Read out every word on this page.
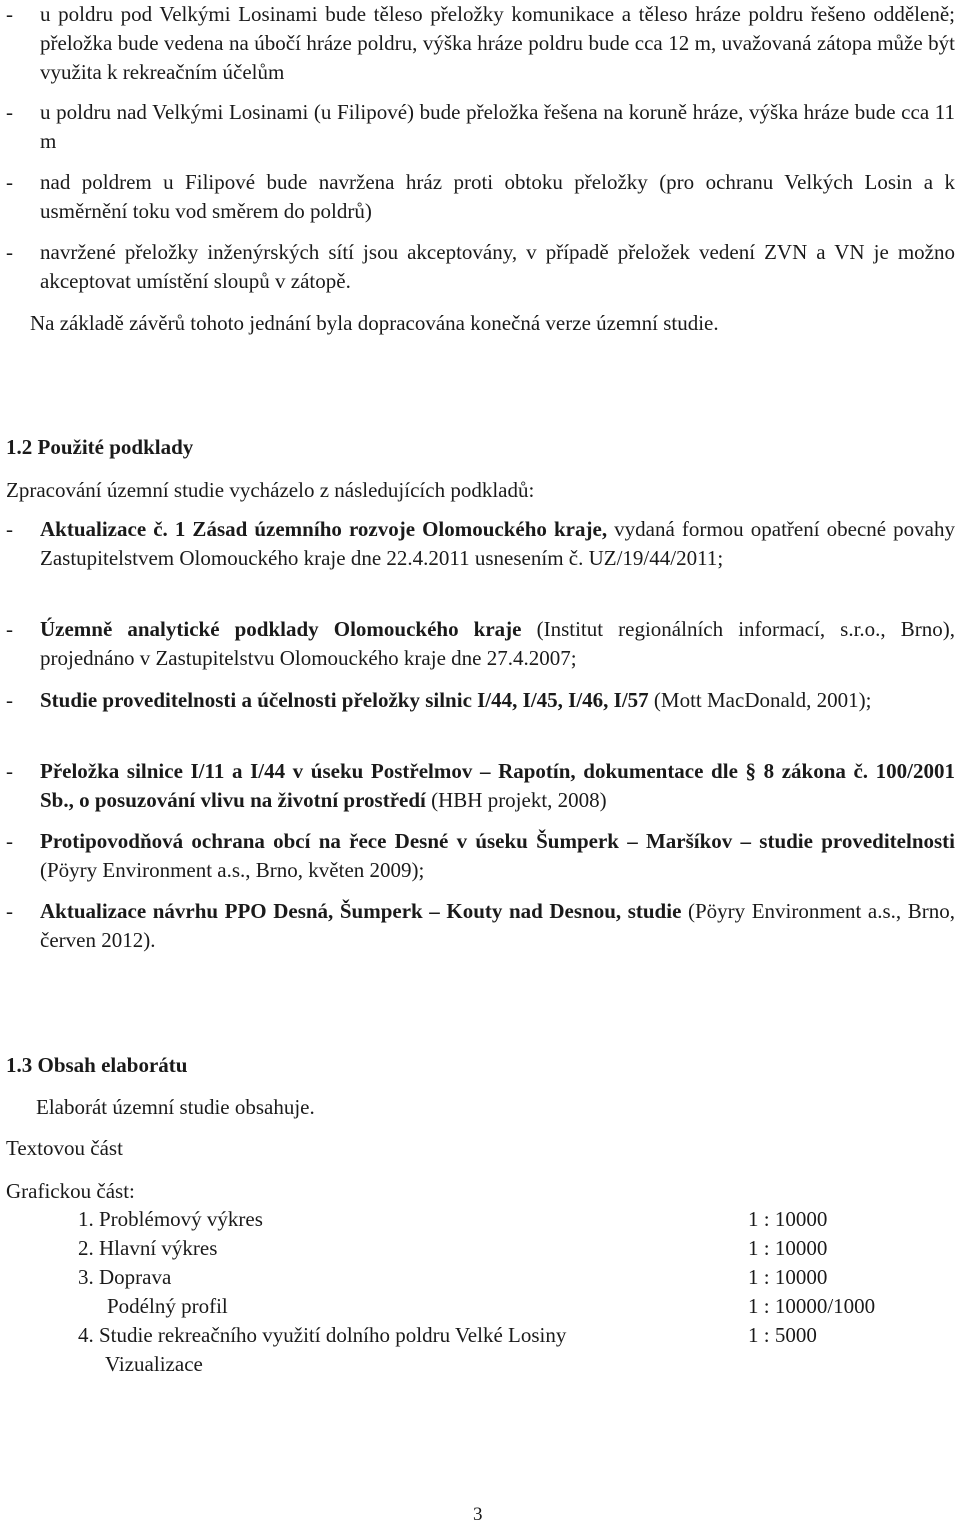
-	u poldru pod Velkými Losinami bude těleso přeložky komunikace a těleso hráze poldru řešeno odděleně; přeložka bude vedena na úbočí hráze poldru, výška hráze poldru bude cca 12 m, uvažovaná zátopa může být využita k rekreačním účelům
-	u poldru nad Velkými Losinami (u Filipové) bude přeložka řešena na koruně hráze, výška hráze bude cca 11 m
-	nad poldrem u Filipové bude navržena hráz proti obtoku přeložky (pro ochranu Velkých Losin a k usměrnění toku vod směrem do poldrů)
-	navržené přeložky inženýrských sítí jsou akceptovány, v případě přeložek vedení ZVN a VN je možno akceptovat umístění sloupů v zátopě.
Na základě závěrů tohoto jednání byla dopracována konečná verze územní studie.
1.2 Použité podklady
Zpracování územní studie vycházelo z následujících podkladů:
-	Aktualizace č. 1 Zásad územního rozvoje Olomouckého kraje, vydaná formou opatření obecné povahy Zastupitelstvem Olomouckého kraje dne 22.4.2011 usnesením č. UZ/19/44/2011;
-	Územně analytické podklady Olomouckého kraje (Institut regionálních informací, s.r.o., Brno), projednáno v Zastupitelstvu Olomouckého kraje dne 27.4.2007;
-	Studie proveditelnosti a účelnosti přeložky silnic I/44, I/45, I/46, I/57 (Mott MacDonald, 2001);
-	Přeložka silnice I/11 a I/44 v úseku Postřelmov – Rapotín, dokumentace dle § 8 zákona č. 100/2001 Sb., o posuzování vlivu na životní prostředí (HBH projekt, 2008)
-	Protipovodňová ochrana obcí na řece Desné v úseku Šumperk – Maršíkov – studie proveditelnosti (Pöyry Environment a.s., Brno, květen 2009);
-	Aktualizace návrhu PPO Desná, Šumperk – Kouty nad Desnou, studie (Pöyry Environment a.s., Brno, červen 2012).
1.3 Obsah elaborátu
Elaborát územní studie obsahuje.
Textovou část
Grafickou část:
1. Problémový výkres	1 : 10000
2. Hlavní výkres	1 : 10000
3. Doprava	1 : 10000
Podélný profil	1 : 10000/1000
4. Studie rekreačního využití dolního poldru Velké Losiny	1 : 5000
Vizualizace
3
